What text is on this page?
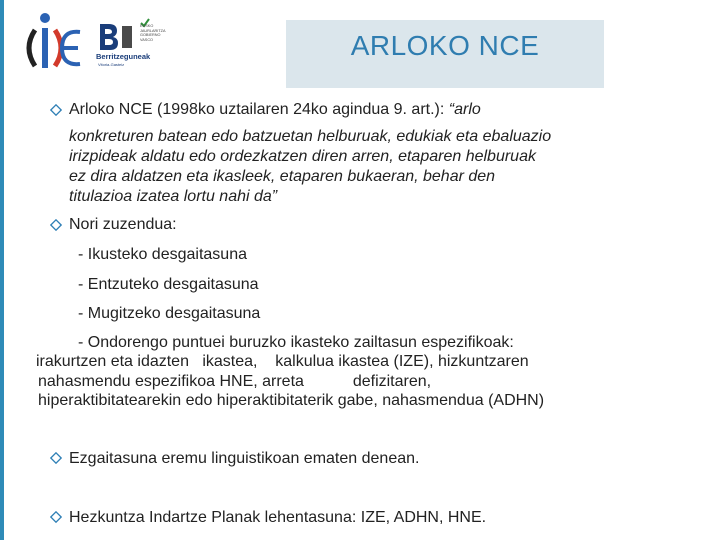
EUSKO JAURLARITZA GOBIERNO VASCO
Berritzeguneak
Vitoria-Gasteiz
ARLOKO NCE
Arloko NCE (1998ko uztailaren 24ko agindua 9. art.): “arlo
konkreturen batean edo batzuetan helburuak, edukiak eta ebaluazio
irizpideak aldatu edo ordezkatzen diren arren, etaparen helburuak
ez dira aldatzen eta ikasleek, etaparen bukaeran, behar den
titulazioa izatea lortu nahi da”
Nori zuzendua:
- Ikusteko desgaitasuna
- Entzuteko desgaitasuna
- Mugitzeko desgaitasuna
- Ondorengo puntuei buruzko ikasteko zailtasun espezifikoak:
irakurtzen eta idazten   ikastea,    kalkulua ikastea (IZE), hizkuntzaren
nahasmendu espezifikoa HNE, arreta           defizitaren,
hiperaktibitatearekin edo hiperaktibitaterik gabe, nahasmendua (ADHN)
Ezgaitasuna eremu linguistikoan ematen denean.
Hezkuntza Indartze Planak lehentasuna: IZE, ADHN, HNE.
